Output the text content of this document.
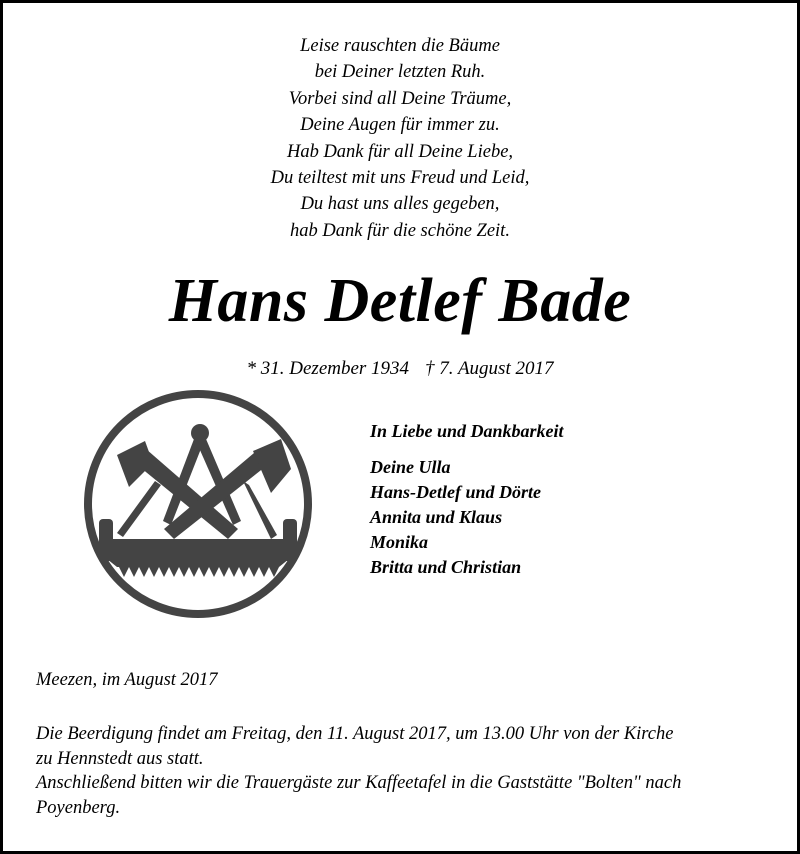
Leise rauschten die Bäume
bei Deiner letzten Ruh.
Vorbei sind all Deine Träume,
Deine Augen für immer zu.
Hab Dank für all Deine Liebe,
Du teiltest mit uns Freud und Leid,
Du hast uns alles gegeben,
hab Dank für die schöne Zeit.
Hans Detlef Bade
* 31. Dezember 1934 † 7. August 2017
In Liebe und Dankbarkeit
Deine Ulla
Hans-Detlef und Dörte
Annita und Klaus
Monika
Britta und Christian
Meezen, im August 2017
Die Beerdigung findet am Freitag, den 11. August 2017, um 13.00 Uhr von der Kirche
zu Hennstedt aus statt.
Anschließend bitten wir die Trauergäste zur Kaffeetafel in die Gaststätte "Bolten" nach
Poyenberg.
